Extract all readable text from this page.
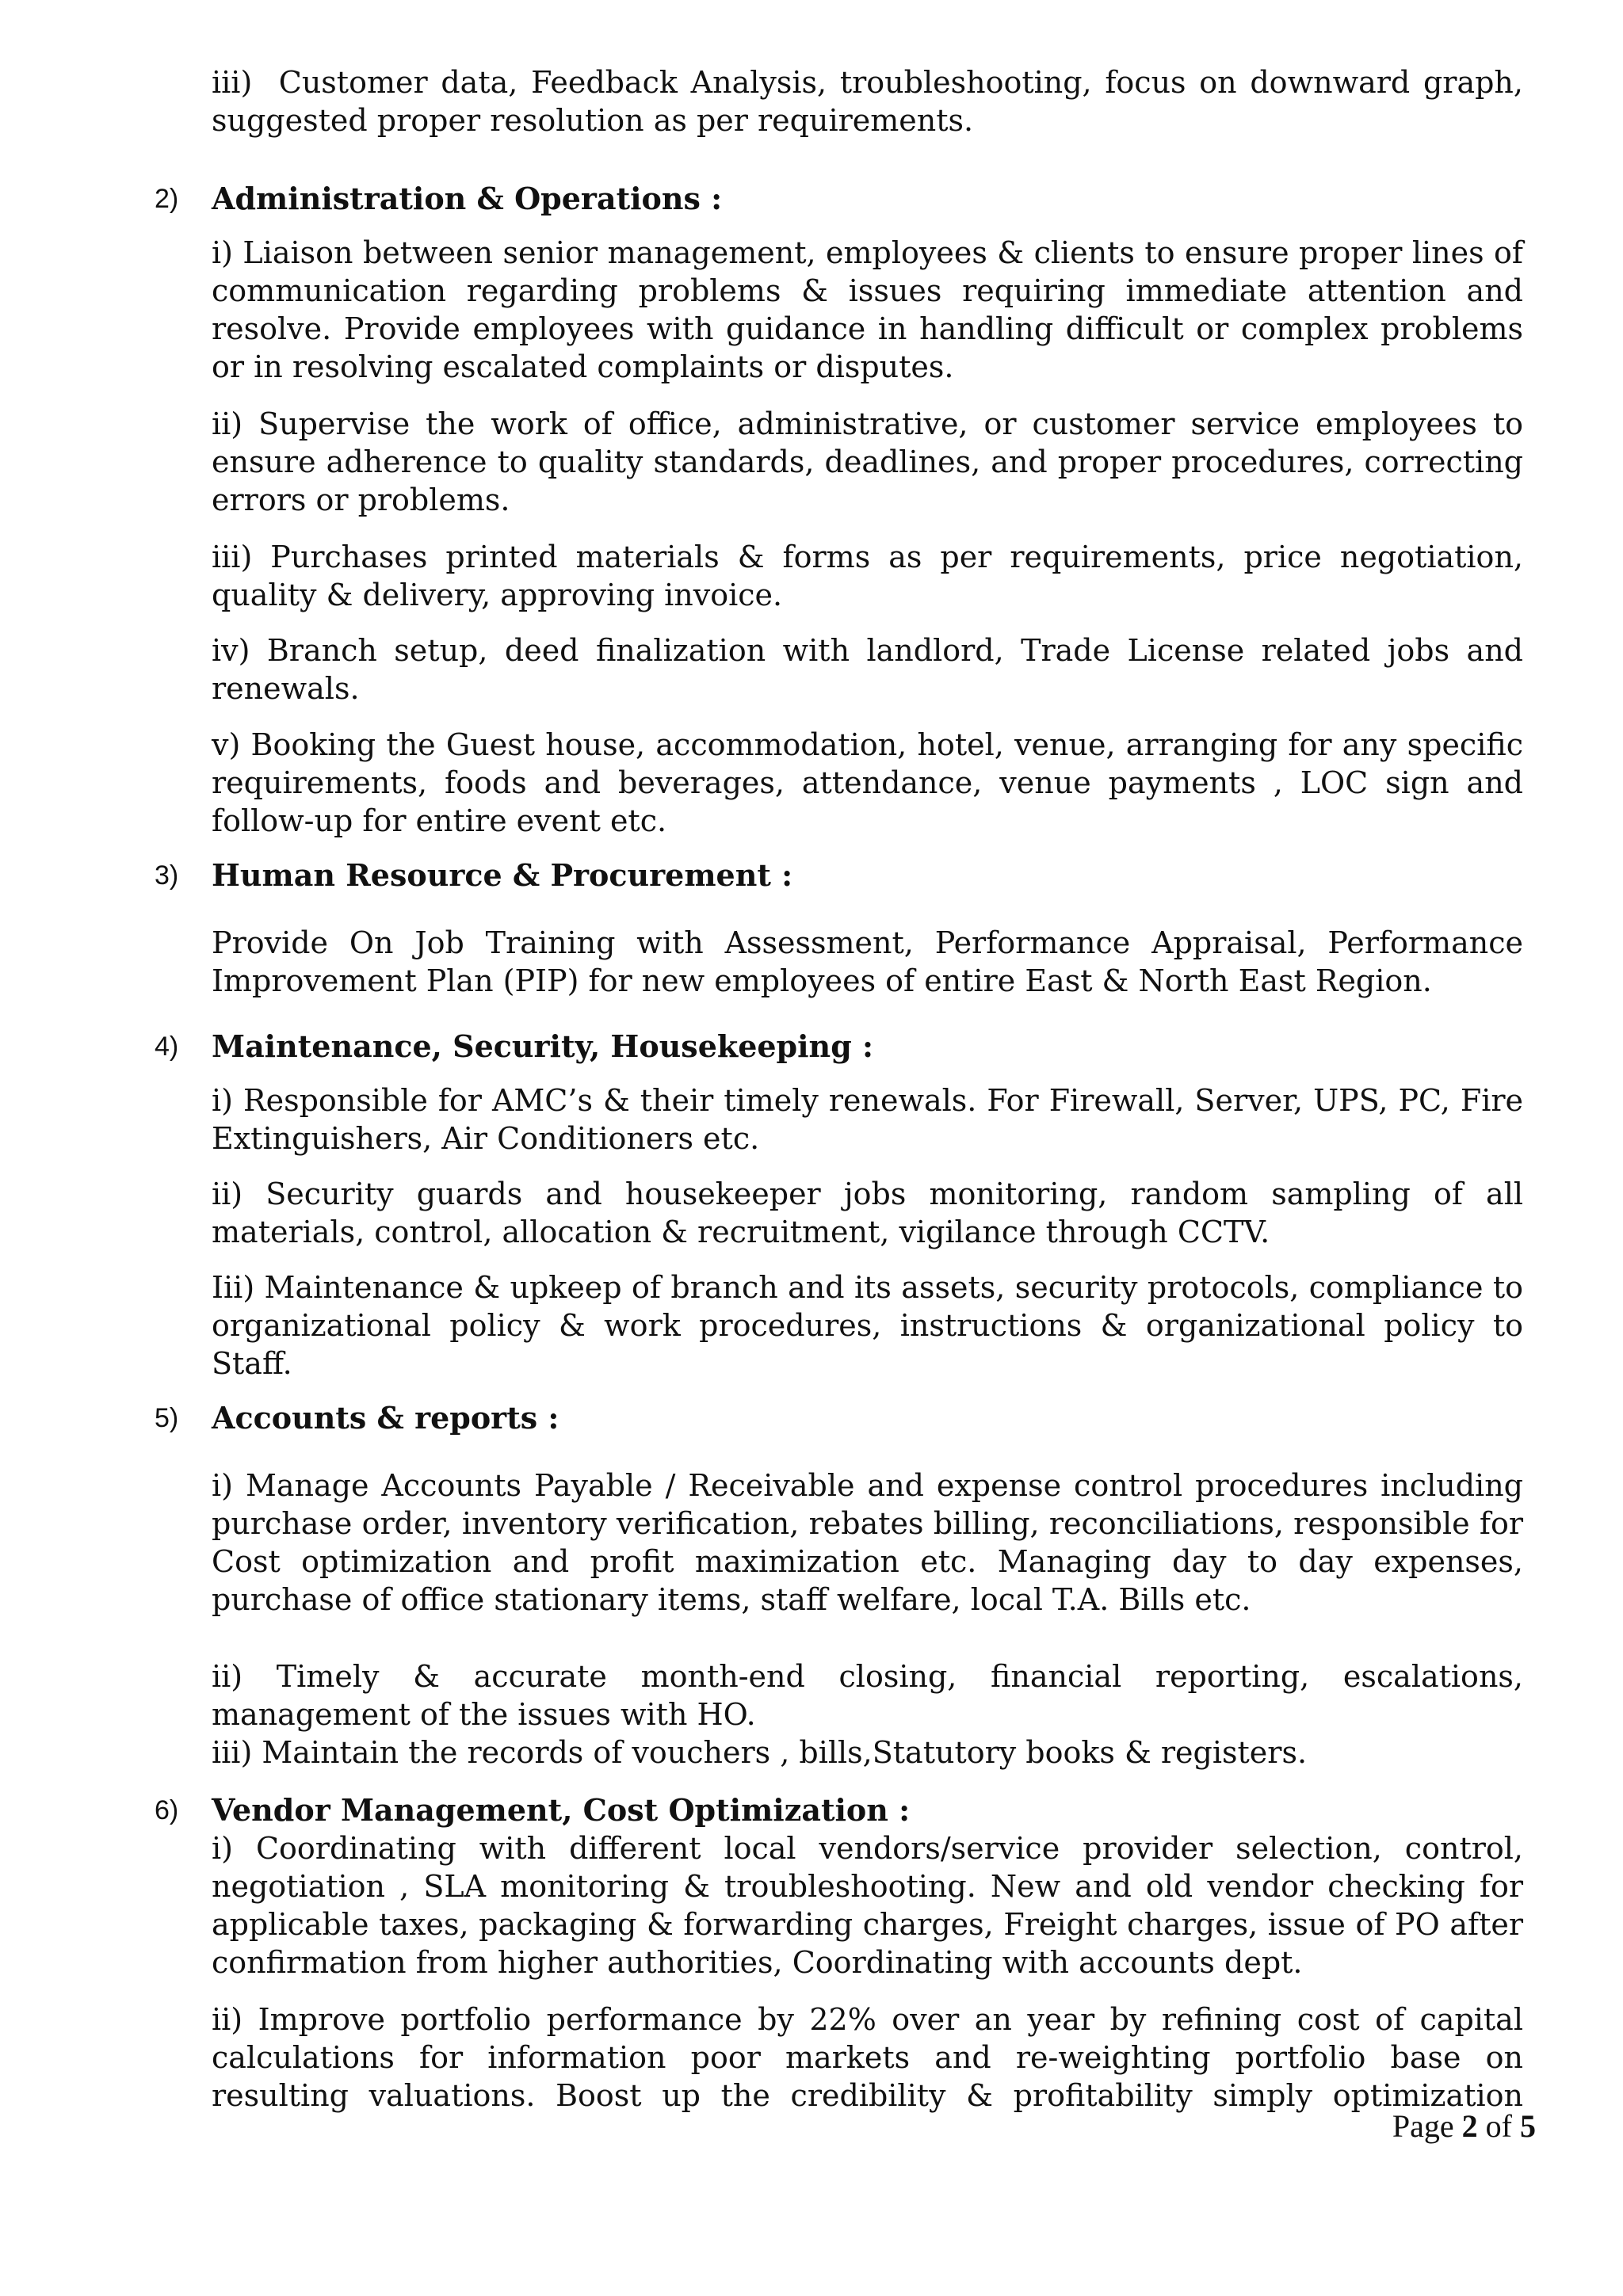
iii)  Customer data, Feedback Analysis, troubleshooting, focus on downward graph, suggested proper resolution as per requirements.

2) Administration & Operations :

i) Liaison between senior management, employees & clients to ensure proper lines of communication regarding problems & issues requiring immediate attention and resolve. Provide employees with guidance in handling difficult or complex problems or in resolving escalated complaints or disputes.

ii) Supervise the work of office, administrative, or customer service employees to ensure adherence to quality standards, deadlines, and proper procedures, correcting errors or problems.

iii) Purchases printed materials & forms as per requirements, price negotiation, quality & delivery, approving invoice.

iv) Branch setup, deed finalization with landlord, Trade License related jobs and renewals.

v) Booking the Guest house, accommodation, hotel, venue, arranging for any specific requirements, foods and beverages, attendance, venue payments , LOC sign and follow-up for entire event etc.

3) Human Resource & Procurement :

Provide On Job Training with Assessment, Performance Appraisal, Performance Improvement Plan (PIP) for new employees of entire East & North East Region.

4) Maintenance, Security, Housekeeping :

i) Responsible for AMC’s & their timely renewals. For Firewall, Server, UPS, PC, Fire Extinguishers, Air Conditioners etc.

ii) Security guards and housekeeper jobs monitoring, random sampling of all materials, control, allocation & recruitment, vigilance through CCTV.

Iii) Maintenance & upkeep of branch and its assets, security protocols, compliance to organizational policy & work procedures, instructions & organizational policy to Staff.

5) Accounts & reports :

i) Manage Accounts Payable / Receivable and expense control procedures including purchase order, inventory verification, rebates billing, reconciliations, responsible for Cost optimization and profit maximization etc. Managing day to day expenses, purchase of office stationary items, staff welfare, local T.A. Bills etc.

ii) Timely & accurate month-end closing, financial reporting, escalations, management of the issues with HO.

iii) Maintain the records of vouchers , bills,Statutory books & registers.

6) Vendor Management, Cost Optimization :

i) Coordinating with different local vendors/service provider selection, control, negotiation , SLA monitoring & troubleshooting. New and old vendor checking for applicable taxes, packaging & forwarding charges, Freight charges, issue of PO after confirmation from higher authorities, Coordinating with accounts dept.

ii) Improve portfolio performance by 22% over an year by refining cost of capital calculations for information poor markets and re-weighting portfolio base on resulting valuations. Boost up the credibility & profitability simply optimization

Page 2 of 5
